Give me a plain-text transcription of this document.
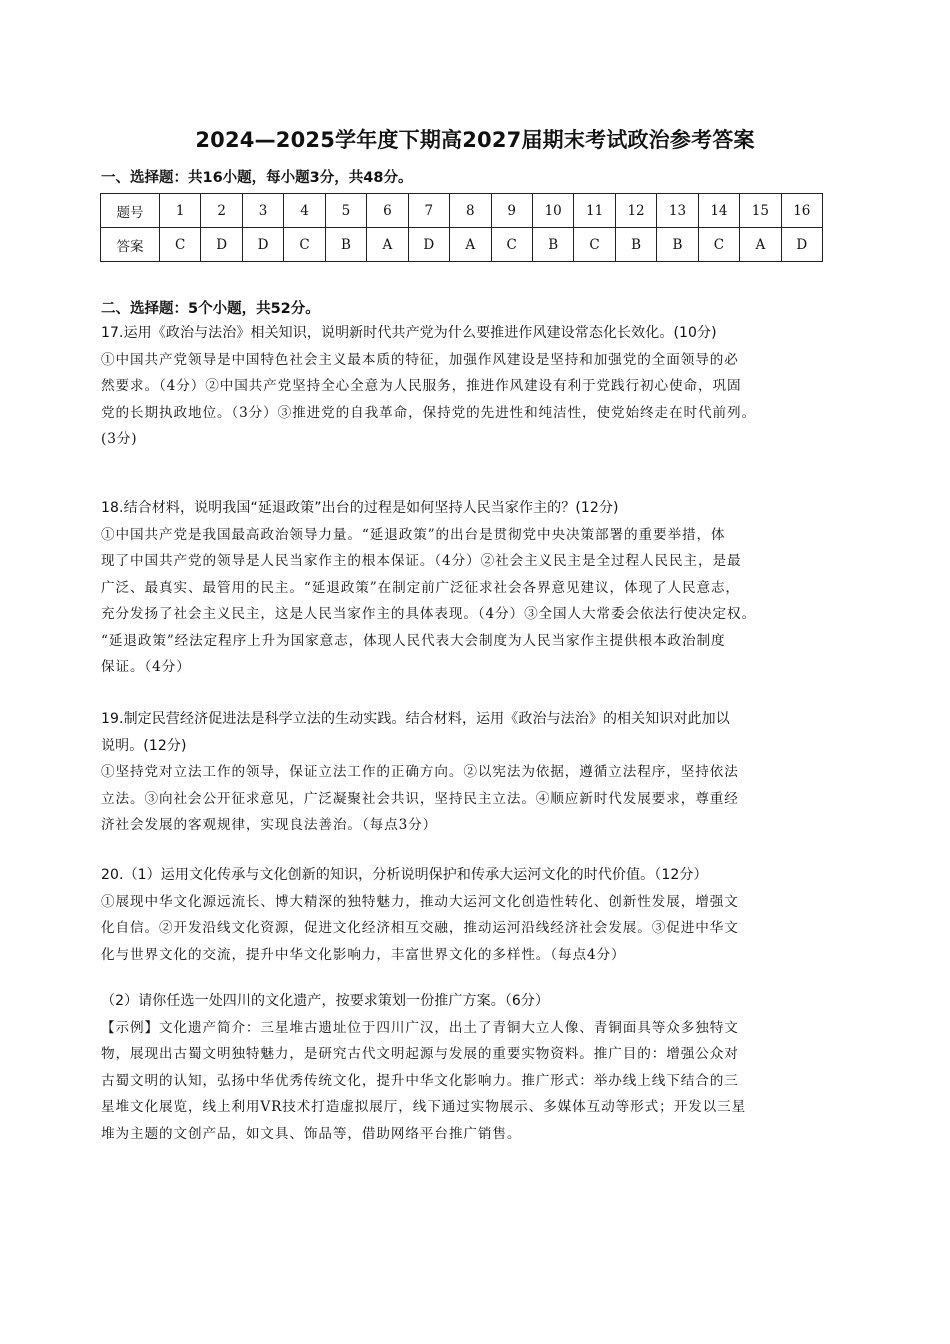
2024—2025学年度下期高2027届期末考试政治参考答案
一、选择题：共16小题，每小题3分，共48分。
题号	1	2	3	4	5	6	7	8	9	10	11	12	13	14	15	16
答案	C	D	D	C	B	A	D	A	C	B	C	B	B	C	A	D
二、选择题：5个小题，共52分。
17.运用《政治与法治》相关知识，说明新时代共产党为什么要推进作风建设常态化长效化。(10分)
①中国共产党领导是中国特色社会主义最本质的特征，加强作风建设是坚持和加强党的全面领导的必
然要求。（4分）②中国共产党坚持全心全意为人民服务，推进作风建设有利于党践行初心使命，巩固
党的长期执政地位。（3分）③推进党的自我革命，保持党的先进性和纯洁性，使党始终走在时代前列。
(3分)
18.结合材料，说明我国“延退政策”出台的过程是如何坚持人民当家作主的？(12分)
①中国共产党是我国最高政治领导力量。“延退政策”的出台是贯彻党中央决策部署的重要举措，体
现了中国共产党的领导是人民当家作主的根本保证。（4分）②社会主义民主是全过程人民民主，是最
广泛、最真实、最管用的民主。“延退政策”在制定前广泛征求社会各界意见建议，体现了人民意志，
充分发扬了社会主义民主，这是人民当家作主的具体表现。（4分）③全国人大常委会依法行使决定权。
“延退政策”经法定程序上升为国家意志，体现人民代表大会制度为人民当家作主提供根本政治制度
保证。（4分）
19.制定民营经济促进法是科学立法的生动实践。结合材料，运用《政治与法治》的相关知识对此加以
说明。(12分)
①坚持党对立法工作的领导，保证立法工作的正确方向。②以宪法为依据，遵循立法程序，坚持依法
立法。③向社会公开征求意见，广泛凝聚社会共识，坚持民主立法。④顺应新时代发展要求，尊重经
济社会发展的客观规律，实现良法善治。（每点3分）
20.（1）运用文化传承与文化创新的知识，分析说明保护和传承大运河文化的时代价值。（12分）
①展现中华文化源远流长、博大精深的独特魅力，推动大运河文化创造性转化、创新性发展，增强文
化自信。②开发沿线文化资源，促进文化经济相互交融，推动运河沿线经济社会发展。③促进中华文
化与世界文化的交流，提升中华文化影响力，丰富世界文化的多样性。（每点4分）
（2）请你任选一处四川的文化遗产，按要求策划一份推广方案。（6分）
【示例】文化遗产简介：三星堆古遗址位于四川广汉，出土了青铜大立人像、青铜面具等众多独特文
物，展现出古蜀文明独特魅力，是研究古代文明起源与发展的重要实物资料。推广目的：增强公众对
古蜀文明的认知，弘扬中华优秀传统文化，提升中华文化影响力。推广形式：举办线上线下结合的三
星堆文化展览，线上利用VR技术打造虚拟展厅，线下通过实物展示、多媒体互动等形式；开发以三星
堆为主题的文创产品，如文具、饰品等，借助网络平台推广销售。
